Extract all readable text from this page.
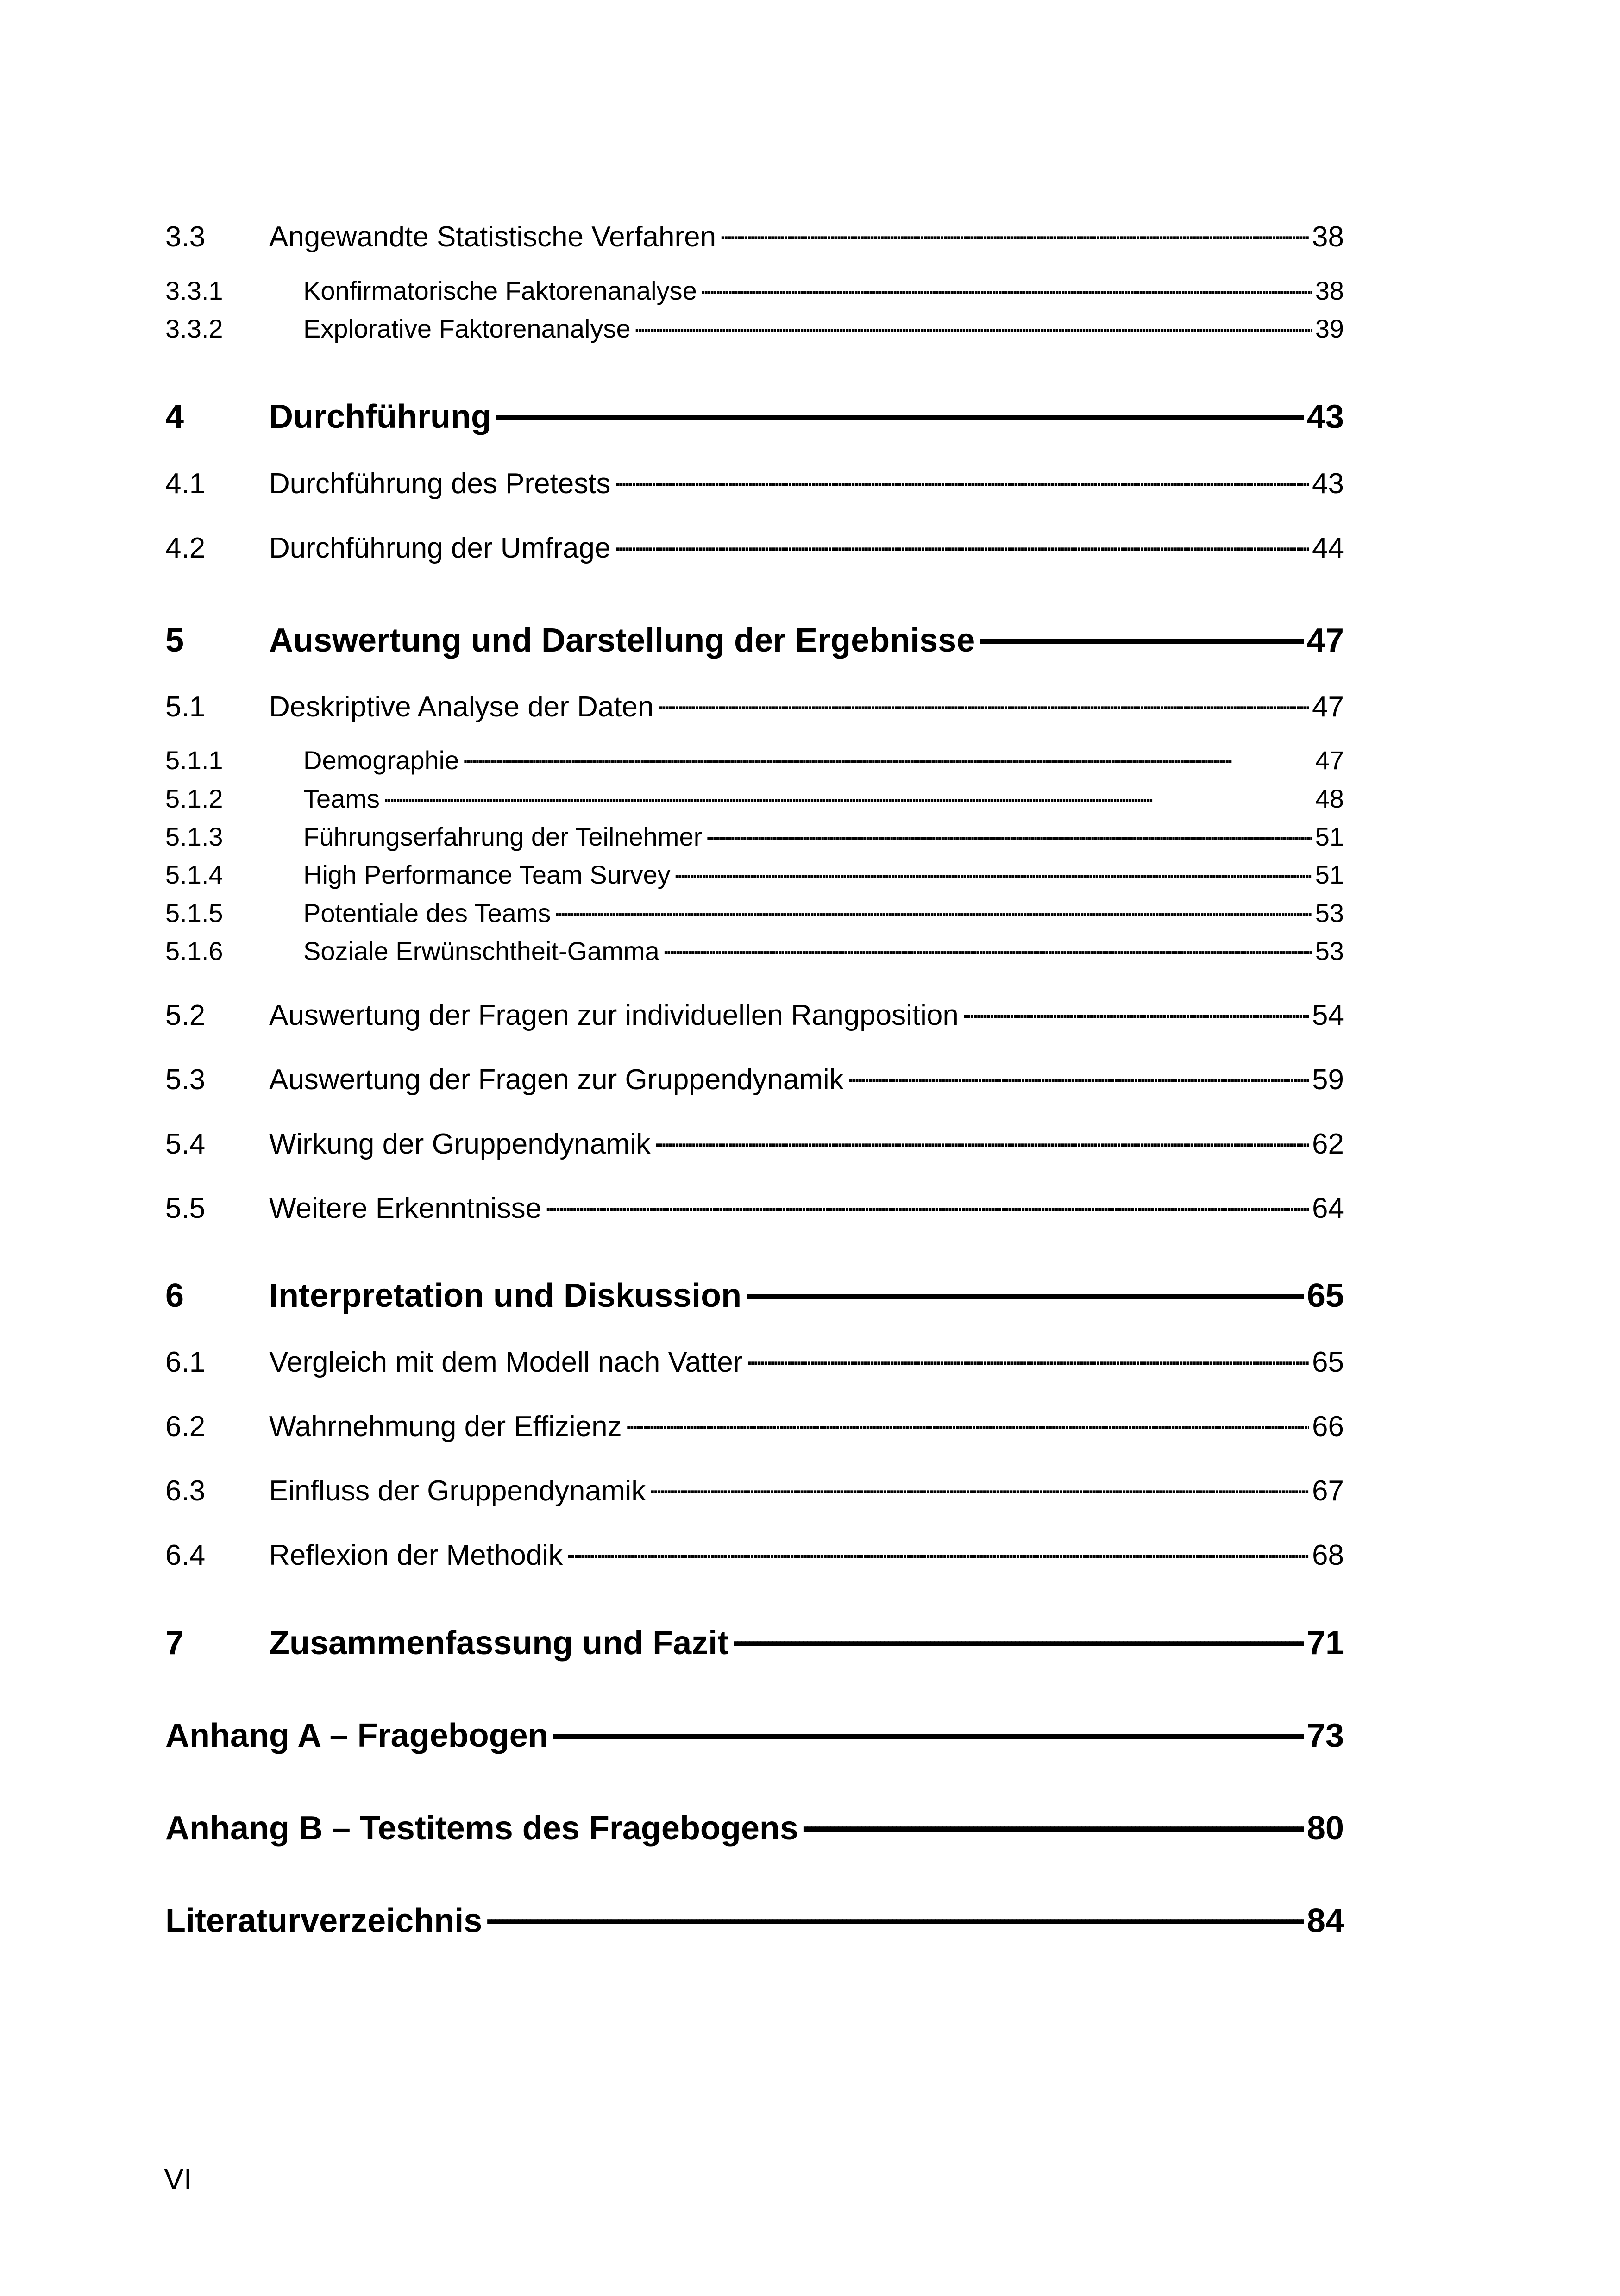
3.3	Angewandte Statistische Verfahren . . .	38
3.3.1	Konfirmatorische Faktorenanalyse . . .	38
3.3.2	Explorative Faktorenanalyse . . .	39
4	Durchführung . . .	43
4.1	Durchführung des Pretests . . .	43
4.2	Durchführung der Umfrage . . .	44
5	Auswertung und Darstellung der Ergebnisse . . .	47
5.1	Deskriptive Analyse der Daten . . .	47
5.1.1	Demographie . . .	47
5.1.2	Teams . . .	48
5.1.3	Führungserfahrung der Teilnehmer . . .	51
5.1.4	High Performance Team Survey . . .	51
5.1.5	Potentiale des Teams . . .	53
5.1.6	Soziale Erwünschtheit-Gamma . . .	53
5.2	Auswertung der Fragen zur individuellen Rangposition . . .	54
5.3	Auswertung der Fragen zur Gruppendynamik . . .	59
5.4	Wirkung der Gruppendynamik . . .	62
5.5	Weitere Erkenntnisse . . .	64
6	Interpretation und Diskussion . . .	65
6.1	Vergleich mit dem Modell nach Vatter . . .	65
6.2	Wahrnehmung der Effizienz . . .	66
6.3	Einfluss der Gruppendynamik . . .	67
6.4	Reflexion der Methodik . . .	68
7	Zusammenfassung und Fazit . . .	71
Anhang A – Fragebogen . . .	73
Anhang B – Testitems des Fragebogens . . .	80
Literaturverzeichnis . . .	84
VI
